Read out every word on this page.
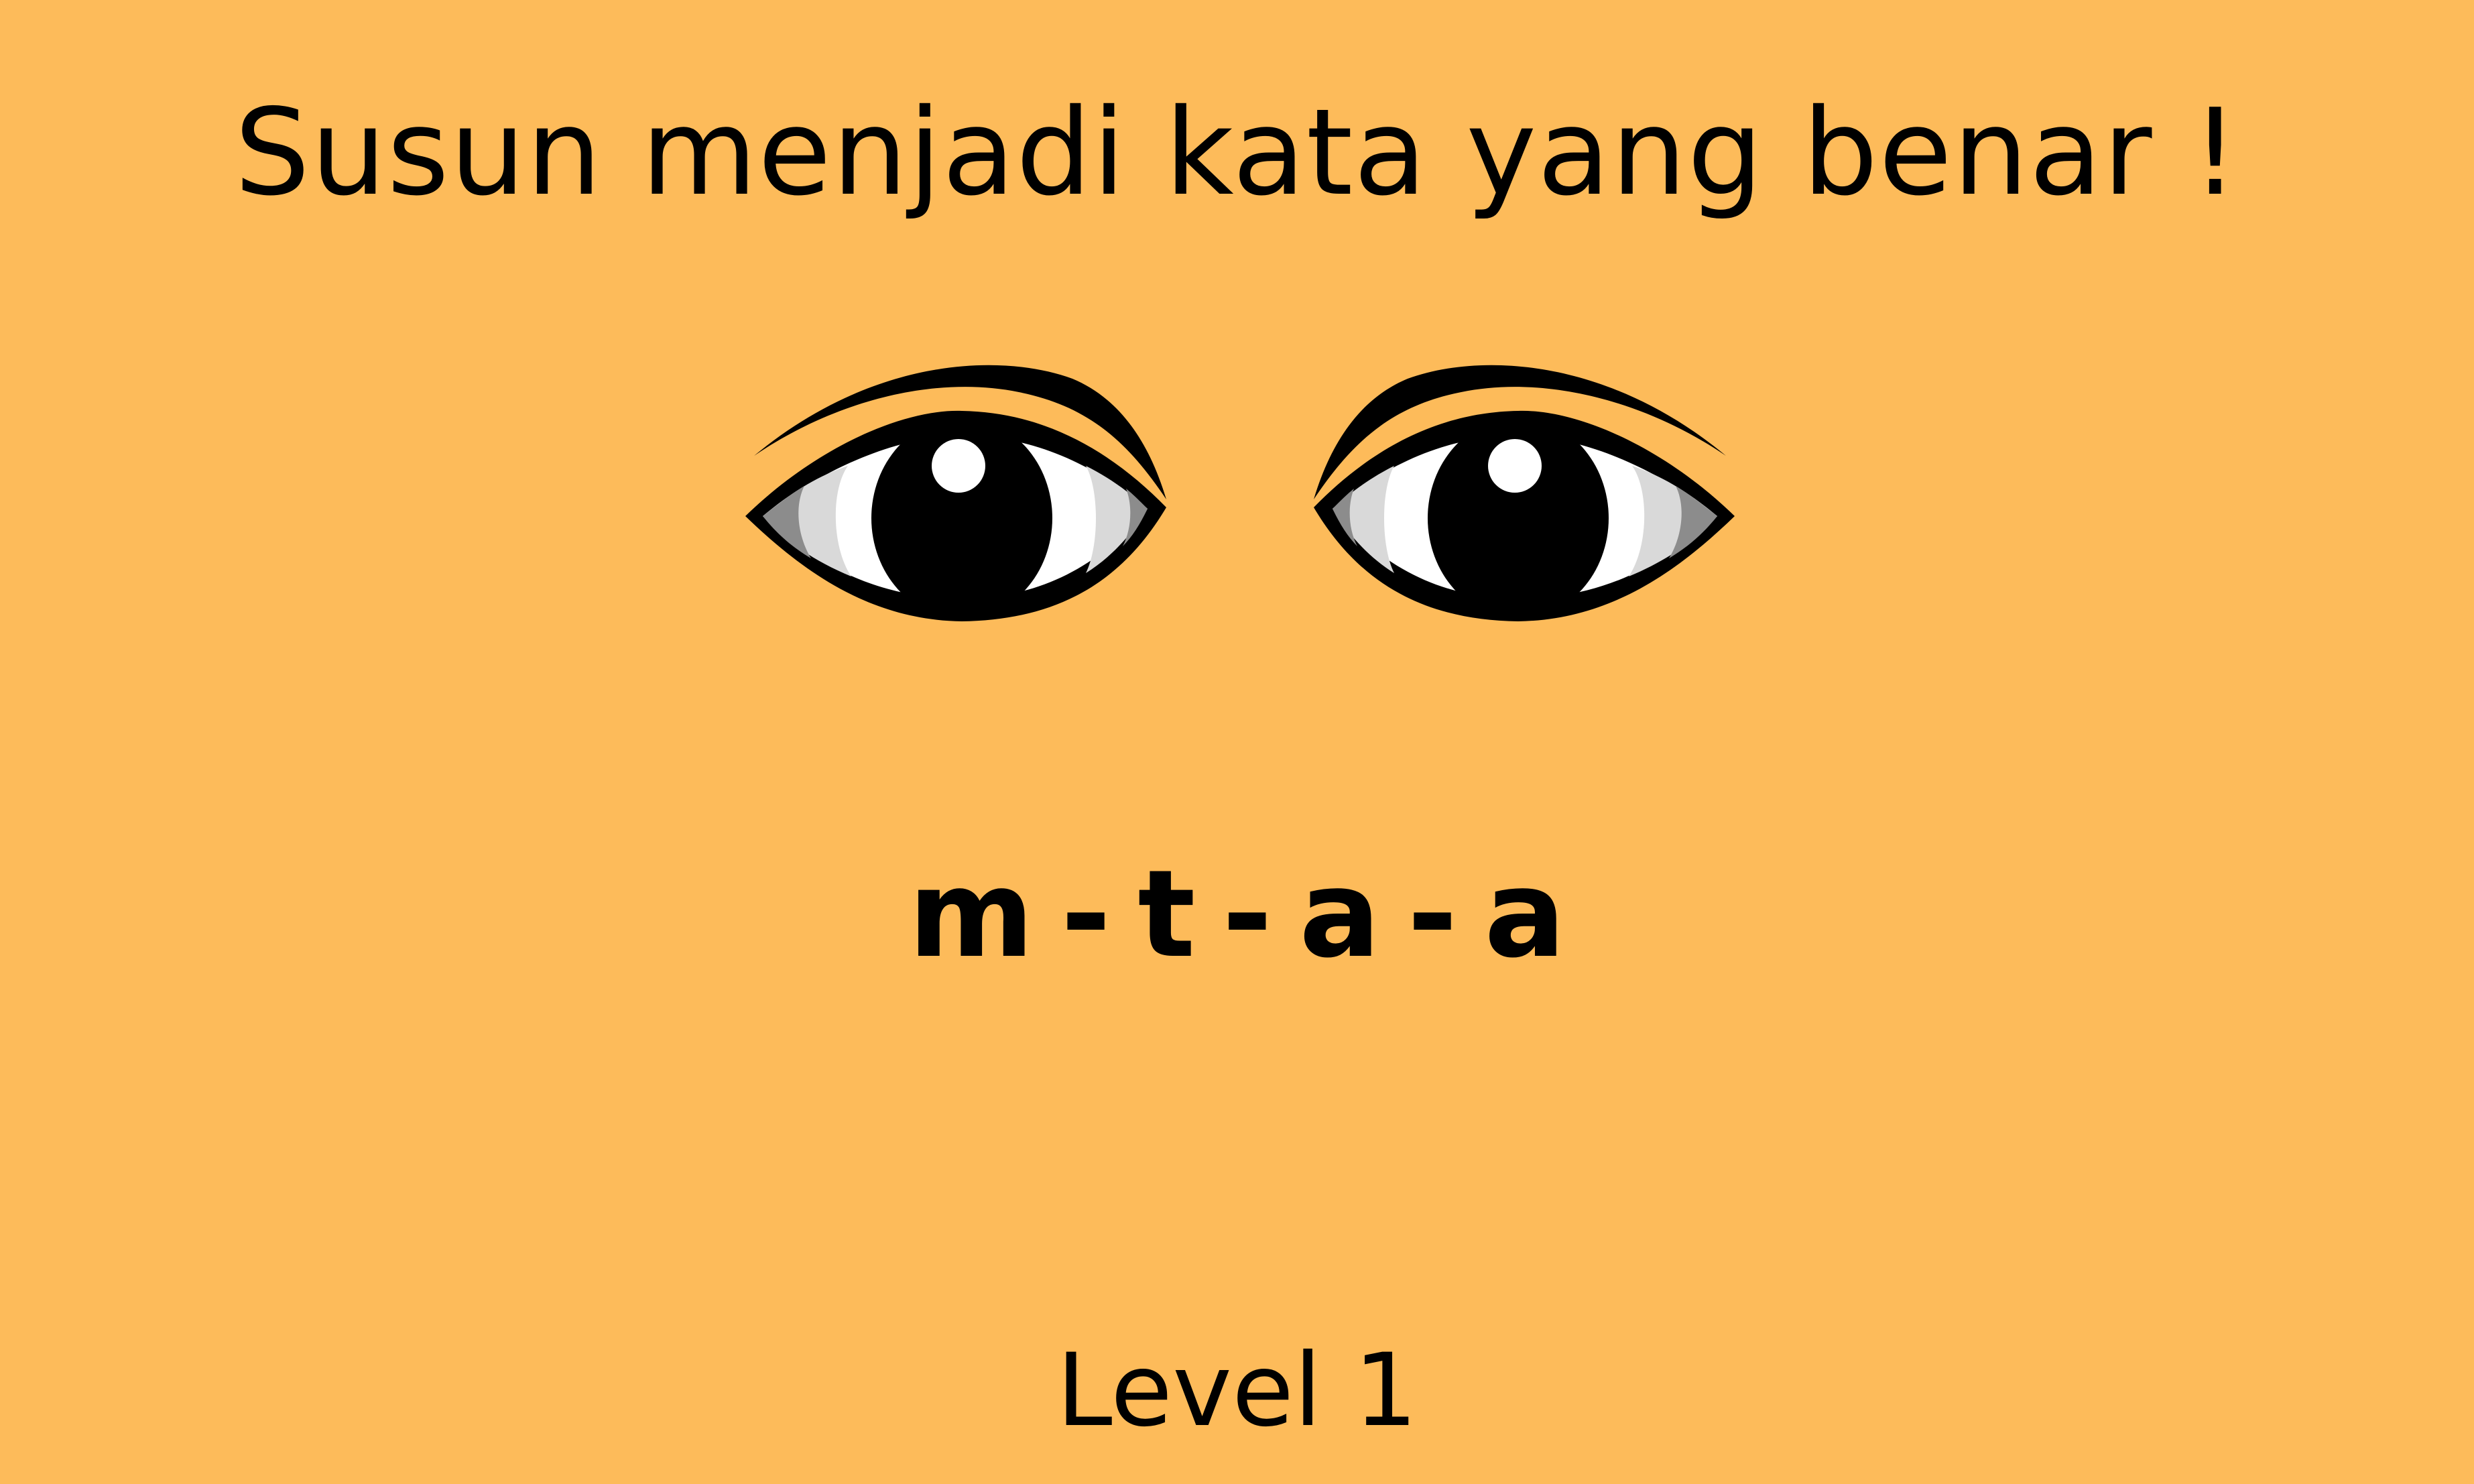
Susun menjadi kata yang benar !
m - t - a - a
Level 1
